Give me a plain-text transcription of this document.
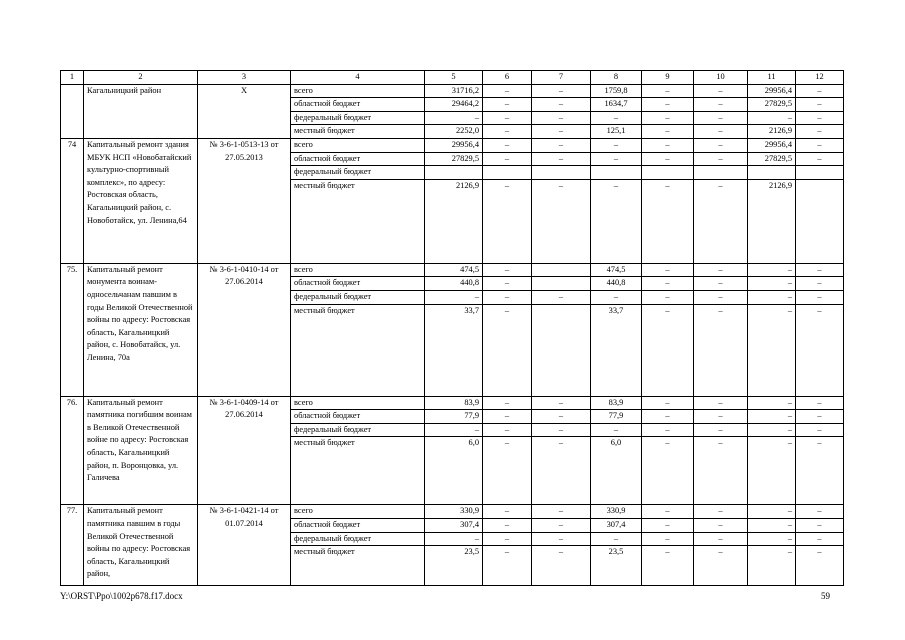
1	2	3	4	5	6	7	8	9	10	11	12
	Кагальницкий район	Х	всего	31716,2	–	–	1759,8	–	–	29956,4	–
			областной бюджет	29464,2	–	–	1634,7	–	–	27829,5	–
			федеральный бюджет	–	–	–	–	–	–	–	–
			местный бюджет	2252,0	–	–	125,1	–	–	2126,9	–
74	Капитальный ремонт здания МБУК НСП «Новобатайский культурно-спортивный комплекс», по адресу: Ростовская область, Кагальницкий район, с. Новоботайск, ул. Ленина,64	№ 3-6-1-0513-13 от 27.05.2013	всего	29956,4	–	–	–	–	–	29956,4	–
			областной бюджет	27829,5	–	–	–	–	–	27829,5	–
			федеральный бюджет								
			местный бюджет	2126,9	–	–	–	–	–	2126,9	
75.	Капитальный ремонт монумента воинам-односельчанам павшим в годы Великой Отечественной войны по адресу: Ростовская область, Кагальницкий район, с. Новобатайск, ул. Ленина, 70а	№ 3-6-1-0410-14 от 27.06.2014	всего	474,5	–		474,5	–	–	–	–
			областной бюджет	440,8	–		440,8	–	–	–	–
			федеральный бюджет	–	–	–	–	–	–	–	–
			местный бюджет	33,7	–		33,7	–	–	–	–
76.	Капитальный ремонт памятника погибшим воинам в Великой Отечественной войне по адресу: Ростовская область, Кагальницкий район, п. Воронцовка, ул. Галичева	№ 3-6-1-0409-14 от 27.06.2014	всего	83,9	–	–	83,9	–	–	–	–
			областной бюджет	77,9	–	–	77,9	–	–	–	–
			федеральный бюджет	–	–	–	–	–	–	–	–
			местный бюджет	6,0	–	–	6,0	–	–	–	–
77.	Капитальный ремонт памятника павшим в годы Великой Отечественной войны по адресу: Ростовская область, Кагальницкий район,	№ 3-6-1-0421-14 от 01.07.2014	всего	330,9	–	–	330,9	–	–	–	–
			областной бюджет	307,4	–	–	307,4	–	–	–	–
			федеральный бюджет	–	–	–	–	–	–	–	–
			местный бюджет	23,5	–	–	23,5	–	–	–	–
Y:\ORST\Ppo\1002p678.f17.docx	59
